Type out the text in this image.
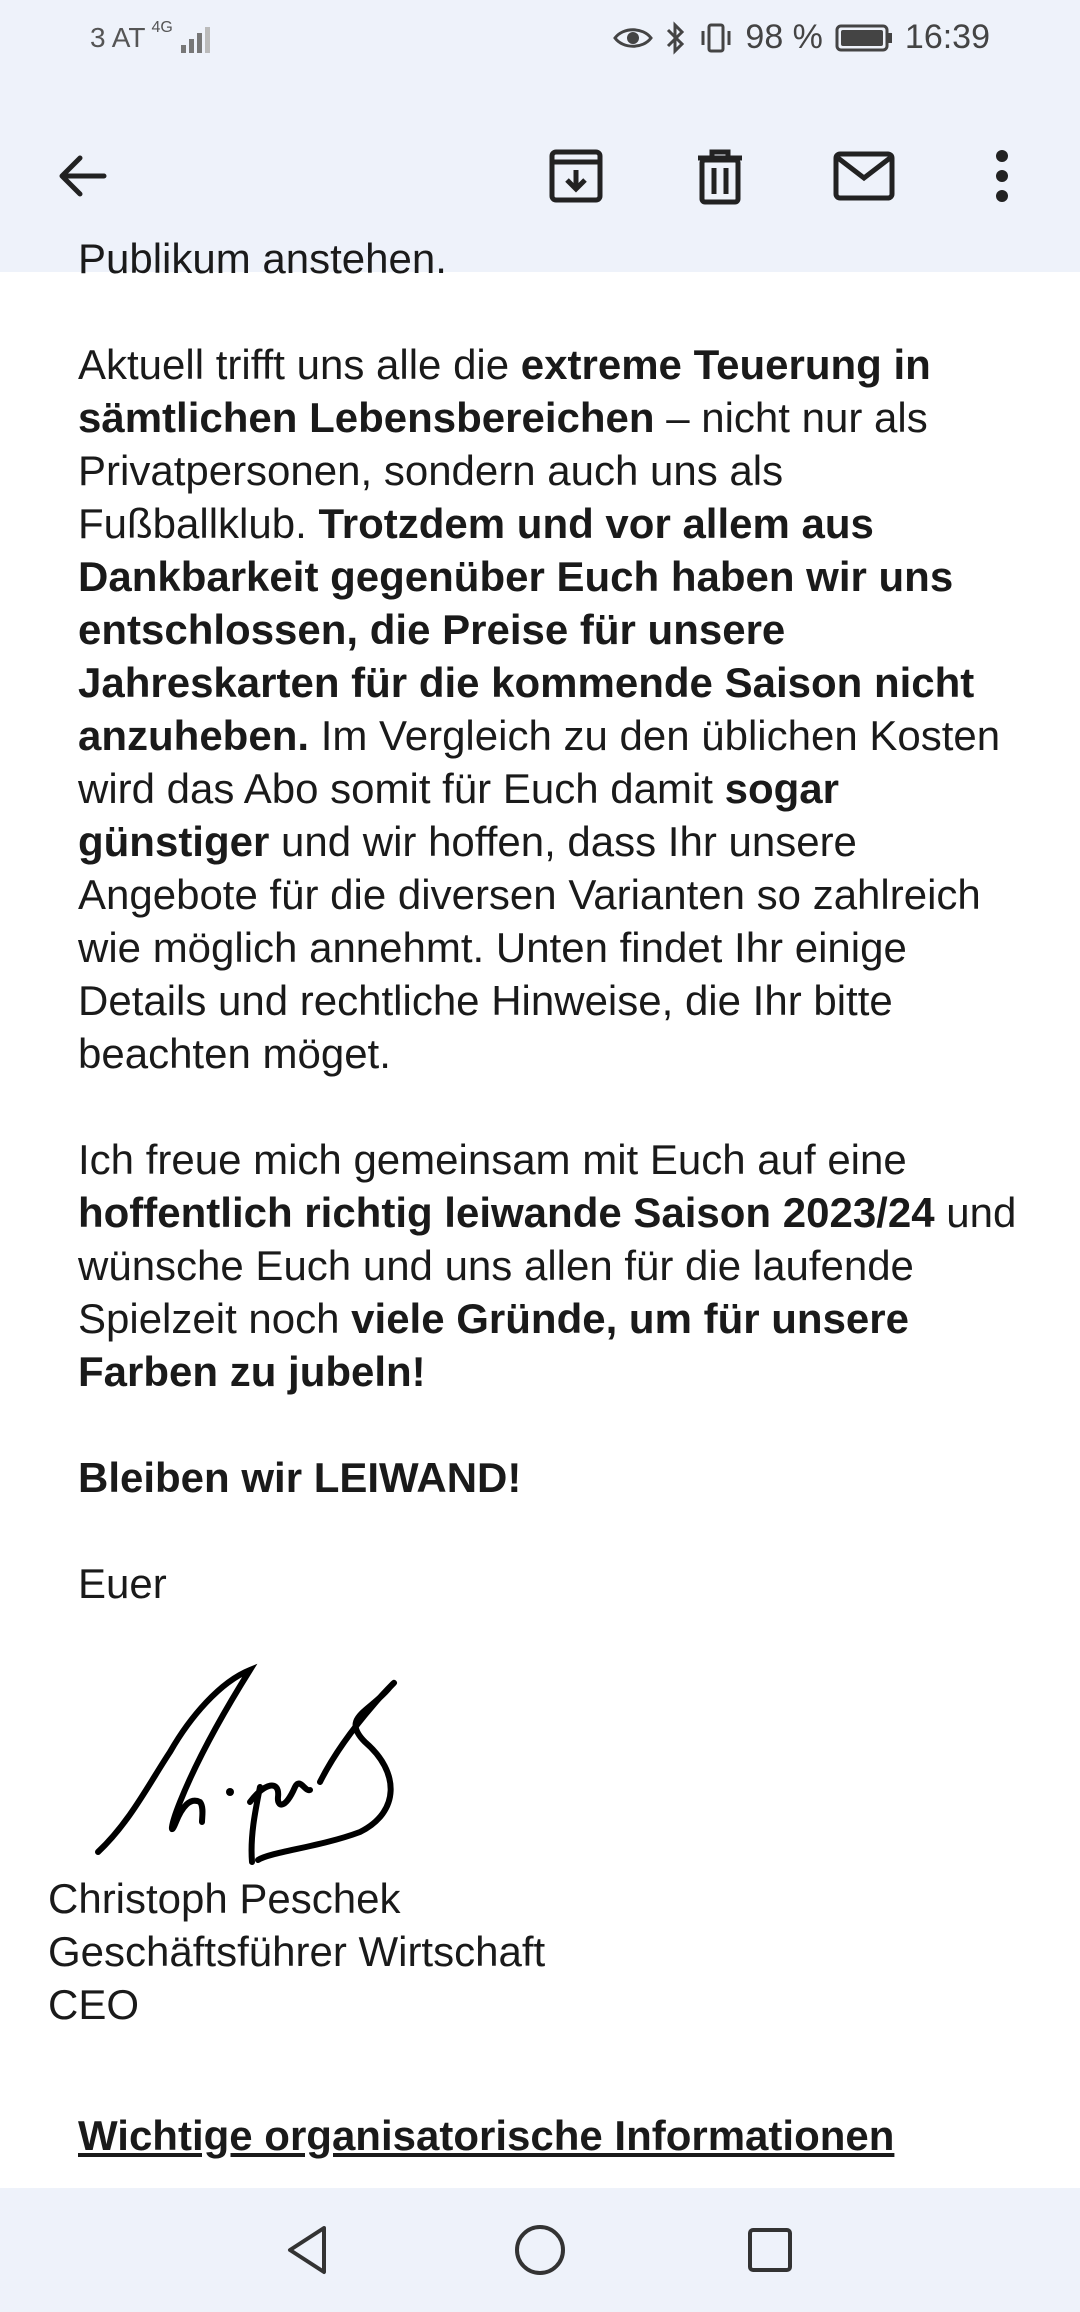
3 AT 4G	98 % 16:39

Publikum anstehen.

Aktuell trifft uns alle die extreme Teuerung in sämtlichen Lebensbereichen – nicht nur als Privatpersonen, sondern auch uns als Fußballklub. Trotzdem und vor allem aus Dankbarkeit gegenüber Euch haben wir uns entschlossen, die Preise für unsere Jahreskarten für die kommende Saison nicht anzuheben. Im Vergleich zu den üblichen Kosten wird das Abo somit für Euch damit sogar günstiger und wir hoffen, dass Ihr unsere Angebote für die diversen Varianten so zahlreich wie möglich annehmt. Unten findet Ihr einige Details und rechtliche Hinweise, die Ihr bitte beachten möget.

Ich freue mich gemeinsam mit Euch auf eine hoffentlich richtig leiwande Saison 2023/24 und wünsche Euch und uns allen für die laufende Spielzeit noch viele Gründe, um für unsere Farben zu jubeln!

Bleiben wir LEIWAND!

Euer

Christoph Peschek
Geschäftsführer Wirtschaft
CEO
Wichtige organisatorische Informationen
